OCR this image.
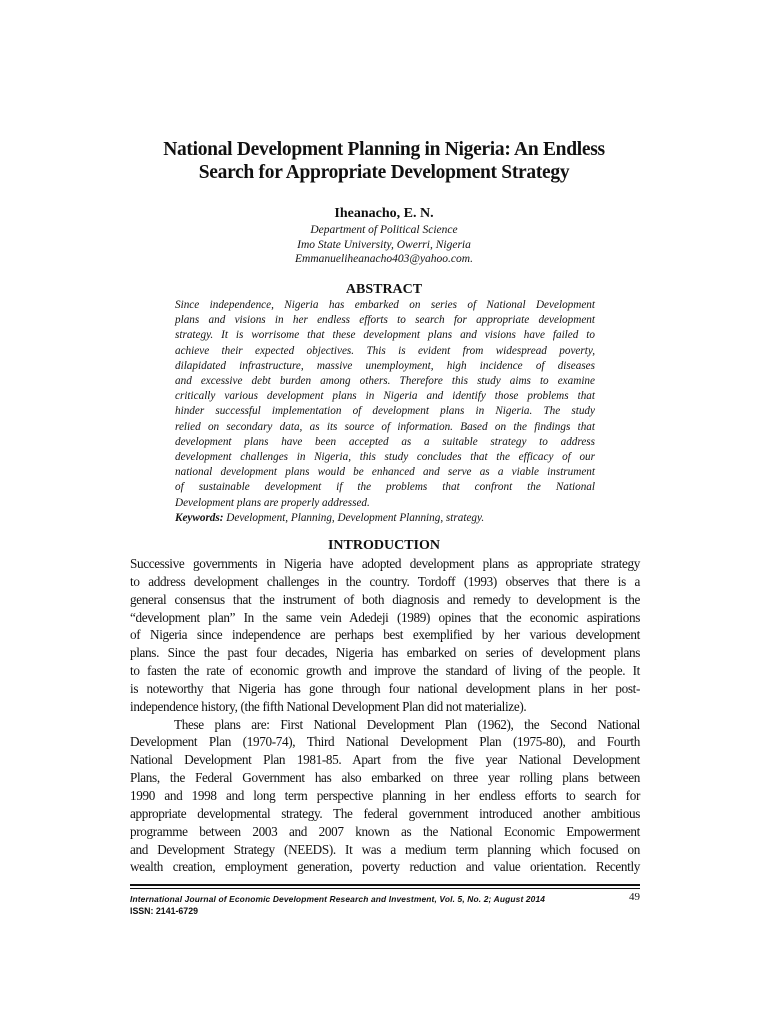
National Development Planning in Nigeria: An Endless
Search for Appropriate Development Strategy
Iheanacho, E. N.
Department of Political Science
Imo State University, Owerri, Nigeria
Emmanueliheanacho403@yahoo.com.
ABSTRACT
Since independence, Nigeria has embarked on series of National Development
plans and visions in her endless efforts to search for appropriate development
strategy. It is worrisome that these development plans and visions have failed to
achieve their expected objectives. This is evident from widespread poverty,
dilapidated infrastructure, massive unemployment, high incidence of diseases
and excessive debt burden among others. Therefore this study aims to examine
critically various development plans in Nigeria and identify those problems that
hinder successful implementation of development plans in Nigeria. The study
relied on secondary data, as its source of information. Based on the findings that
development plans have been accepted as a suitable strategy to address
development challenges in Nigeria, this study concludes that the efficacy of our
national development plans would be enhanced and serve as a viable instrument
of sustainable development if the problems that confront the National
Development plans are properly addressed.
Keywords: Development, Planning, Development Planning, strategy.
INTRODUCTION
Successive governments in Nigeria have adopted development plans as appropriate strategy
to address development challenges in the country. Tordoff (1993) observes that there is a
general consensus that the instrument of both diagnosis and remedy to development is the
“development plan” In the same vein Adedeji (1989) opines that the economic aspirations
of Nigeria since independence are perhaps best exemplified by her various development
plans. Since the past four decades, Nigeria has embarked on series of development plans
to fasten the rate of economic growth and improve the standard of living of the people. It
is noteworthy that Nigeria has gone through four national development plans in her post-
independence history, (the fifth National Development Plan did not materialize).
These plans are: First National Development Plan (1962), the Second National
Development Plan (1970-74), Third National Development Plan (1975-80), and Fourth
National Development Plan 1981-85. Apart from the five year National Development
Plans, the Federal Government has also embarked on three year rolling plans between
1990 and 1998 and long term perspective planning in her endless efforts to search for
appropriate developmental strategy. The federal government introduced another ambitious
programme between 2003 and 2007 known as the National Economic Empowerment
and Development Strategy (NEEDS). It was a medium term planning which focused on
wealth creation, employment generation, poverty reduction and value orientation. Recently
International Journal of Economic Development Research and Investment, Vol. 5, No. 2; August 2014	49
ISSN: 2141-6729
